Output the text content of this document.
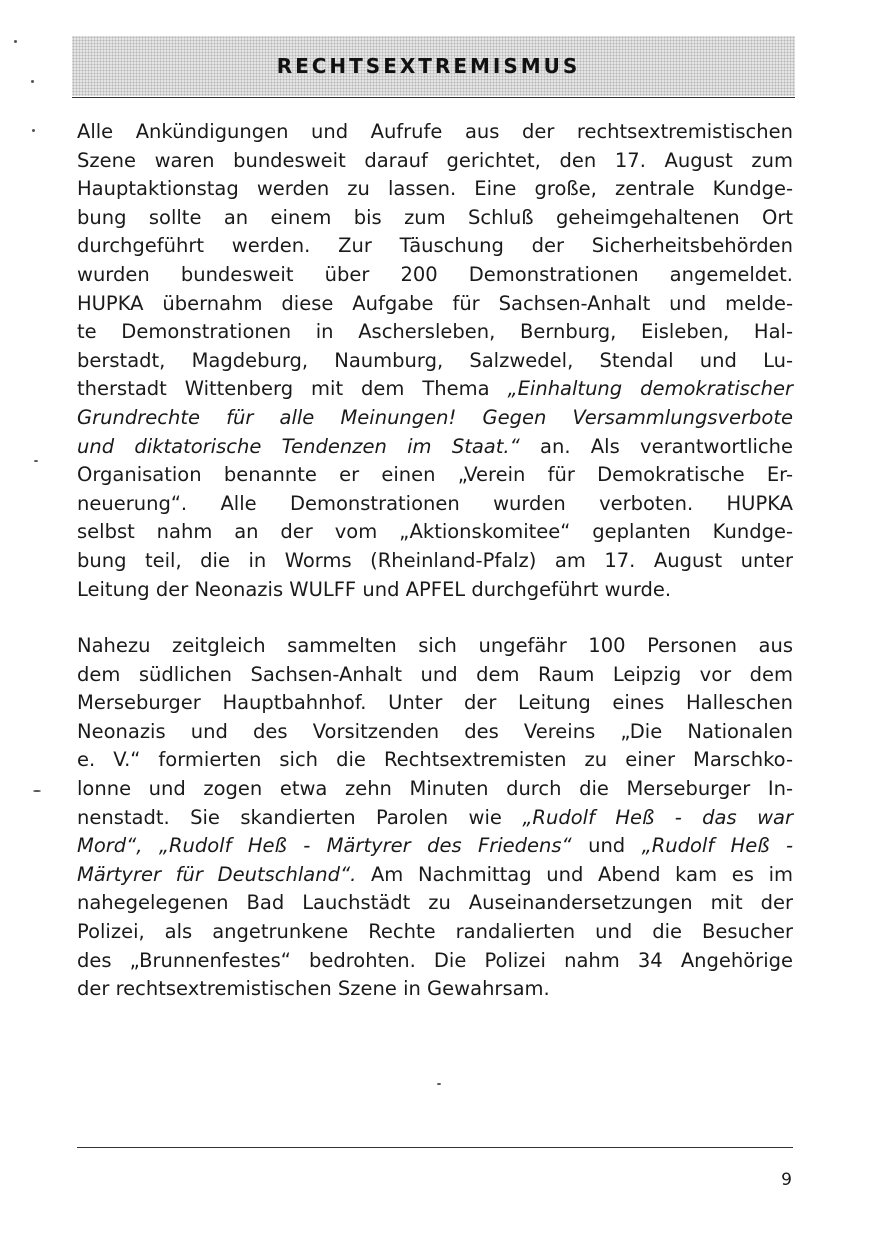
RECHTSEXTREMISMUS
Alle Ankündigungen und Aufrufe aus der rechtsextremistischen
Szene waren bundesweit darauf gerichtet, den 17. August zum
Hauptaktionstag werden zu lassen. Eine große, zentrale Kundge-
bung sollte an einem bis zum Schluß geheimgehaltenen Ort
durchgeführt werden. Zur Täuschung der Sicherheitsbehörden
wurden bundesweit über 200 Demonstrationen angemeldet.
HUPKA übernahm diese Aufgabe für Sachsen-Anhalt und melde-
te Demonstrationen in Aschersleben, Bernburg, Eisleben, Hal-
berstadt, Magdeburg, Naumburg, Salzwedel, Stendal und Lu-
therstadt Wittenberg mit dem Thema „Einhaltung demokratischer
Grundrechte für alle Meinungen! Gegen Versammlungsverbote
und diktatorische Tendenzen im Staat.“ an. Als verantwortliche
Organisation benannte er einen „Verein für Demokratische Er-
neuerung“. Alle Demonstrationen wurden verboten. HUPKA
selbst nahm an der vom „Aktionskomitee“ geplanten Kundge-
bung teil, die in Worms (Rheinland-Pfalz) am 17. August unter
Leitung der Neonazis WULFF und APFEL durchgeführt wurde.
Nahezu zeitgleich sammelten sich ungefähr 100 Personen aus
dem südlichen Sachsen-Anhalt und dem Raum Leipzig vor dem
Merseburger Hauptbahnhof. Unter der Leitung eines Halleschen
Neonazis und des Vorsitzenden des Vereins „Die Nationalen
e. V.“ formierten sich die Rechtsextremisten zu einer Marschko-
lonne und zogen etwa zehn Minuten durch die Merseburger In-
nenstadt. Sie skandierten Parolen wie „Rudolf Heß - das war
Mord“, „Rudolf Heß - Märtyrer des Friedens“ und „Rudolf Heß -
Märtyrer für Deutschland“. Am Nachmittag und Abend kam es im
nahegelegenen Bad Lauchstädt zu Auseinandersetzungen mit der
Polizei, als angetrunkene Rechte randalierten und die Besucher
des „Brunnenfestes“ bedrohten. Die Polizei nahm 34 Angehörige
der rechtsextremistischen Szene in Gewahrsam.
9
